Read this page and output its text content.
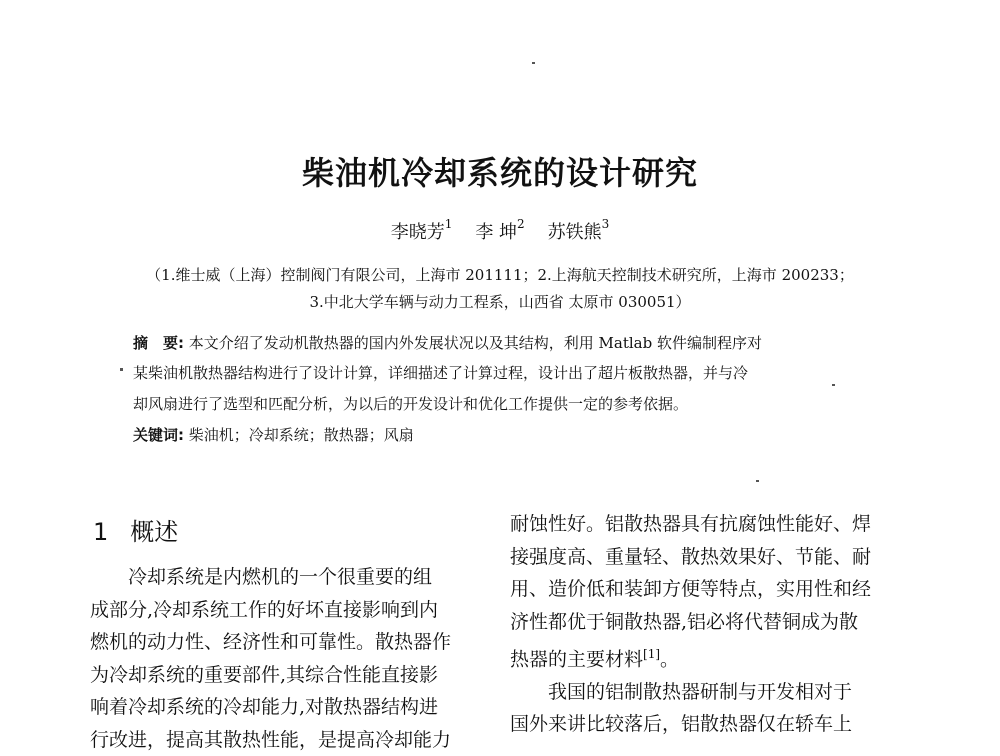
柴油机冷却系统的设计研究
李晓芳$^1$ 李 坤$^2$ 苏铁熊$^3$
（1.维士威（上海）控制阀门有限公司，上海市 201111；2.上海航天控制技术研究所，上海市 200233；
3.中北大学车辆与动力工程系，山西省 太原市 030051）
摘　要: 本文介绍了发动机散热器的国内外发展状况以及其结构，利用 Matlab 软件编制程序对
某柴油机散热器结构进行了设计计算，详细描述了计算过程，设计出了超片板散热器，并与冷
却风扇进行了选型和匹配分析，为以后的开发设计和优化工作提供一定的参考依据。
关键词: 柴油机；冷却系统；散热器；风扇
1 概述
冷却系统是内燃机的一个很重要的组
成部分,冷却系统工作的好坏直接影响到内
燃机的动力性、经济性和可靠性。散热器作
为冷却系统的重要部件,其综合性能直接影
响着冷却系统的冷却能力,对散热器结构进
行改进，提高其散热性能，是提高冷却能力
耐蚀性好。铝散热器具有抗腐蚀性能好、焊
接强度高、重量轻、散热效果好、节能、耐
用、造价低和装卸方便等特点，实用性和经
济性都优于铜散热器,铝必将代替铜成为散
热器的主要材料[1]。
我国的铝制散热器研制与开发相对于
国外来讲比较落后，铝散热器仅在轿车上
